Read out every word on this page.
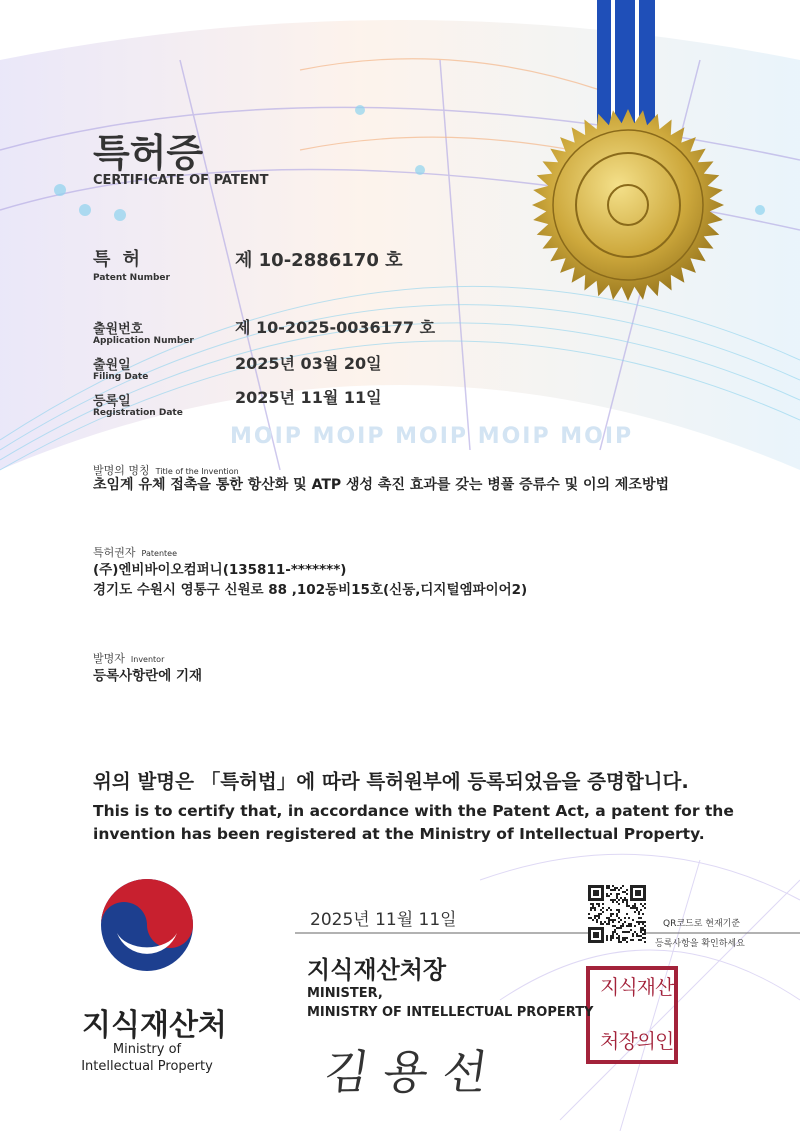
특허증
CERTIFICATE OF PATENT
특 허
Patent Number
제 10-2886170 호
출원번호
Application Number
제 10-2025-0036177 호
출원일
Filing Date
2025년 03월 20일
등록일
Registration Date
2025년 11월 11일
MOIP MOIP MOIP MOIP MOIP
발명의 명칭 Title of the Invention
초임계 유체 접촉을 통한 항산화 및 ATP 생성 촉진 효과를 갖는 병풀 증류수 및 이의 제조방법
특허권자 Patentee
(주)엔비바이오컴퍼니(135811-*******)
경기도 수원시 영통구 신원로 88 ,102동비15호(신동,디지털엠파이어2)
발명자 Inventor
등록사항란에 기재
위의 발명은 「특허법」에 따라 특허원부에 등록되었음을 증명합니다.
This is to certify that, in accordance with the Patent Act, a patent for the
invention has been registered at the Ministry of Intellectual Property.
2025년 11월 11일
지식재산처장
MINISTER,
MINISTRY OF INTELLECTUAL PROPERTY
김 용 선
QR코드로 현재기준
등록사항을 확인하세요
지식재산
처장의인
지식재산처
Ministry of
Intellectual Property
